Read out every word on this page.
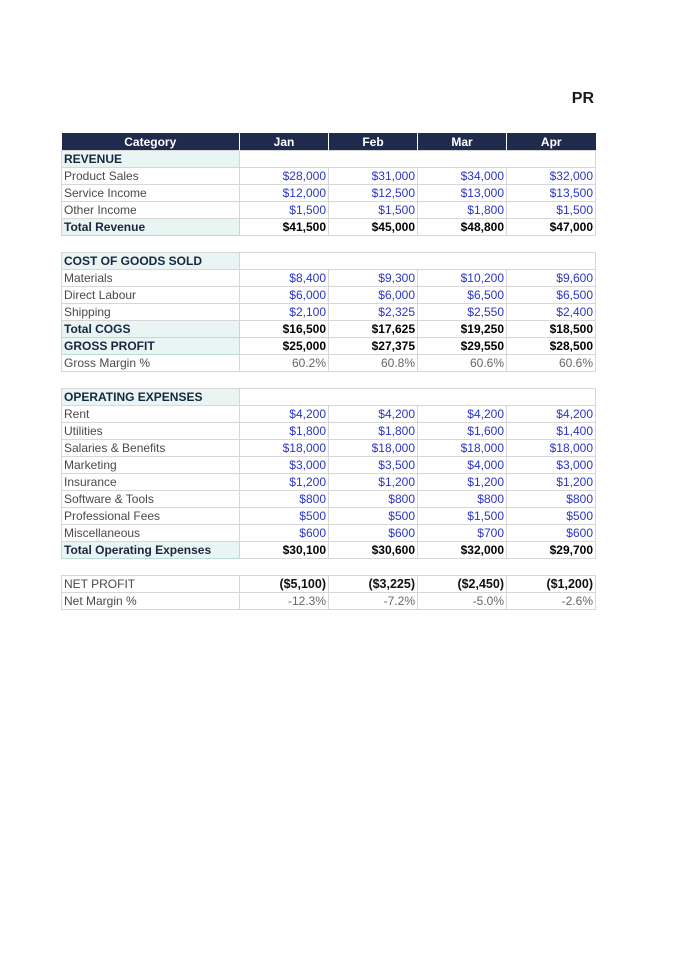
PR
Category	Jan	Feb	Mar	Apr
REVENUE				
Product Sales	$28,000	$31,000	$34,000	$32,000
Service Income	$12,000	$12,500	$13,000	$13,500
Other Income	$1,500	$1,500	$1,800	$1,500
Total Revenue	$41,500	$45,000	$48,800	$47,000

COST OF GOODS SOLD				
Materials	$8,400	$9,300	$10,200	$9,600
Direct Labour	$6,000	$6,000	$6,500	$6,500
Shipping	$2,100	$2,325	$2,550	$2,400
Total COGS	$16,500	$17,625	$19,250	$18,500
GROSS PROFIT	$25,000	$27,375	$29,550	$28,500
Gross Margin %	60.2%	60.8%	60.6%	60.6%

OPERATING EXPENSES				
Rent	$4,200	$4,200	$4,200	$4,200
Utilities	$1,800	$1,800	$1,600	$1,400
Salaries & Benefits	$18,000	$18,000	$18,000	$18,000
Marketing	$3,000	$3,500	$4,000	$3,000
Insurance	$1,200	$1,200	$1,200	$1,200
Software & Tools	$800	$800	$800	$800
Professional Fees	$500	$500	$1,500	$500
Miscellaneous	$600	$600	$700	$600
Total Operating Expenses	$30,100	$30,600	$32,000	$29,700

NET PROFIT	($5,100)	($3,225)	($2,450)	($1,200)
Net Margin %	-12.3%	-7.2%	-5.0%	-2.6%
